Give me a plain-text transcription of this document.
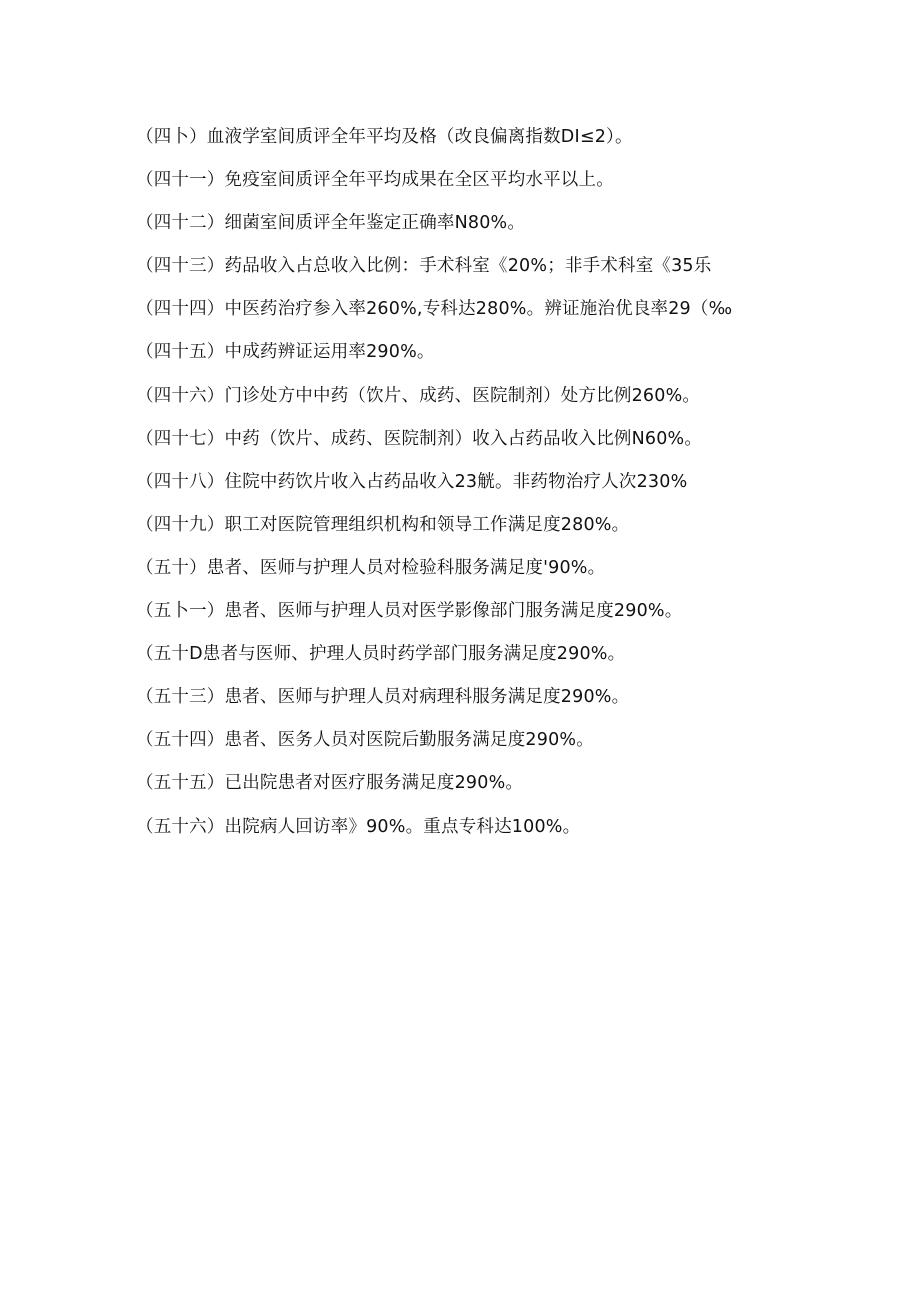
（四卜）血液学室间质评全年平均及格（改良偏离指数DI≤2）。
（四十一）免疫室间质评全年平均成果在全区平均水平以上。
（四十二）细菌室间质评全年鉴定正确率N80%。
（四十三）药品收入占总收入比例：手术科室《20%；非手术科室《35乐
（四十四）中医药治疗参入率260%,专科达280%。辨证施治优良率29（‰
（四十五）中成药辨证运用率290%。
（四十六）门诊处方中中药（饮片、成药、医院制剂）处方比例260%。
（四十七）中药（饮片、成药、医院制剂）收入占药品收入比例N60%。
（四十八）住院中药饮片收入占药品收入23觥。非药物治疗人次230%
（四十九）职工对医院管理组织机构和领导工作满足度280%。
（五十）患者、医师与护理人员对检验科服务满足度'90%。
（五卜一）患者、医师与护理人员对医学影像部门服务满足度290%。
（五十D患者与医师、护理人员时药学部门服务满足度290%。
（五十三）患者、医师与护理人员对病理科服务满足度290%。
（五十四）患者、医务人员对医院后勤服务满足度290%。
（五十五）已出院患者对医疗服务满足度290%。
（五十六）出院病人回访率》90%。重点专科达100%。
